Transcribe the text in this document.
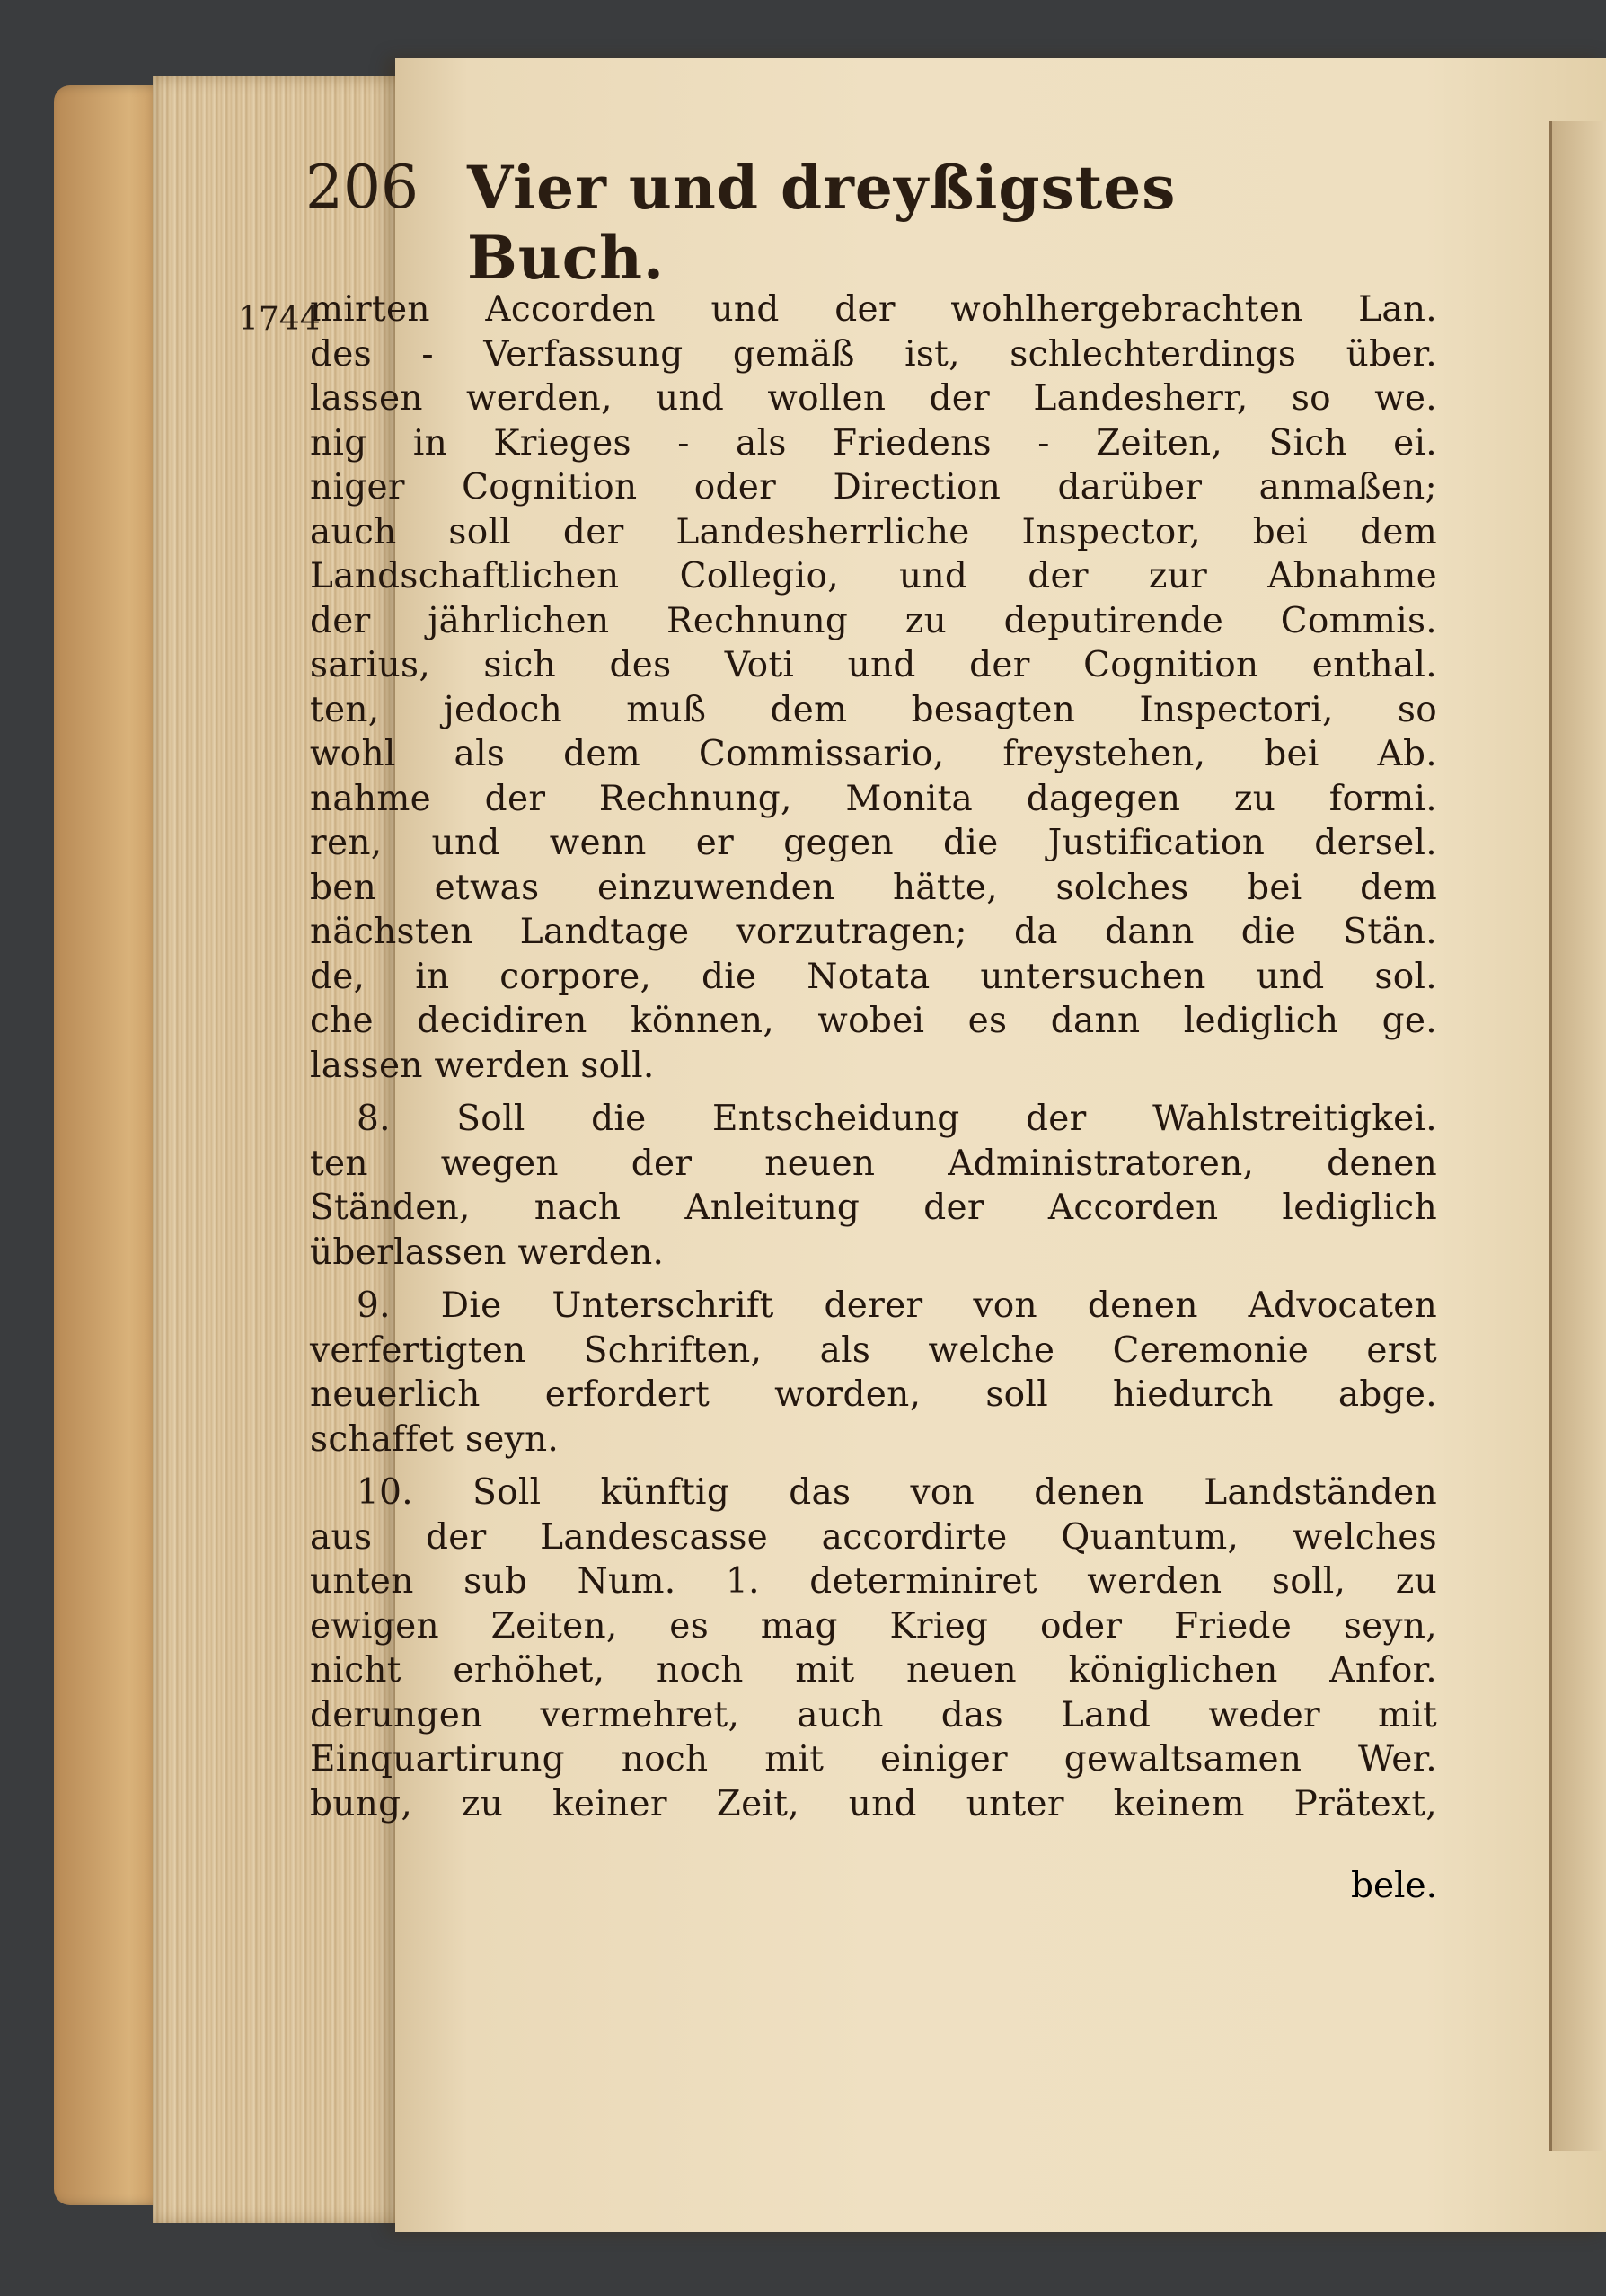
206 Vier und dreyßigstes Buch.
1744
mirten Accorden und der wohlhergebrachten Lan.
des - Verfassung gemäß ist, schlechterdings über.
lassen werden, und wollen der Landesherr, so we.
nig in Krieges - als Friedens - Zeiten, Sich ei.
niger Cognition oder Direction darüber anmaßen;
auch soll der Landesherrliche Inspector, bei dem
Landschaftlichen Collegio, und der zur Abnahme
der jährlichen Rechnung zu deputirende Commis.
sarius, sich des Voti und der Cognition enthal.
ten, jedoch muß dem besagten Inspectori, so
wohl als dem Commissario, freystehen, bei Ab.
nahme der Rechnung, Monita dagegen zu formi.
ren, und wenn er gegen die Justification dersel.
ben etwas einzuwenden hätte, solches bei dem
nächsten Landtage vorzutragen; da dann die Stän.
de, in corpore, die Notata untersuchen und sol.
che decidiren können, wobei es dann lediglich ge.
lassen werden soll.
8. Soll die Entscheidung der Wahlstreitigkei.
ten wegen der neuen Administratoren, denen
Ständen, nach Anleitung der Accorden lediglich
überlassen werden.
9. Die Unterschrift derer von denen Advocaten
verfertigten Schriften, als welche Ceremonie erst
neuerlich erfordert worden, soll hiedurch abge.
schaffet seyn.
10. Soll künftig das von denen Landständen
aus der Landescasse accordirte Quantum, welches
unten sub Num. 1. determiniret werden soll, zu
ewigen Zeiten, es mag Krieg oder Friede seyn,
nicht erhöhet, noch mit neuen königlichen Anfor.
derungen vermehret, auch das Land weder mit
Einquartirung noch mit einiger gewaltsamen Wer.
bung, zu keiner Zeit, und unter keinem Prätext,
bele.
